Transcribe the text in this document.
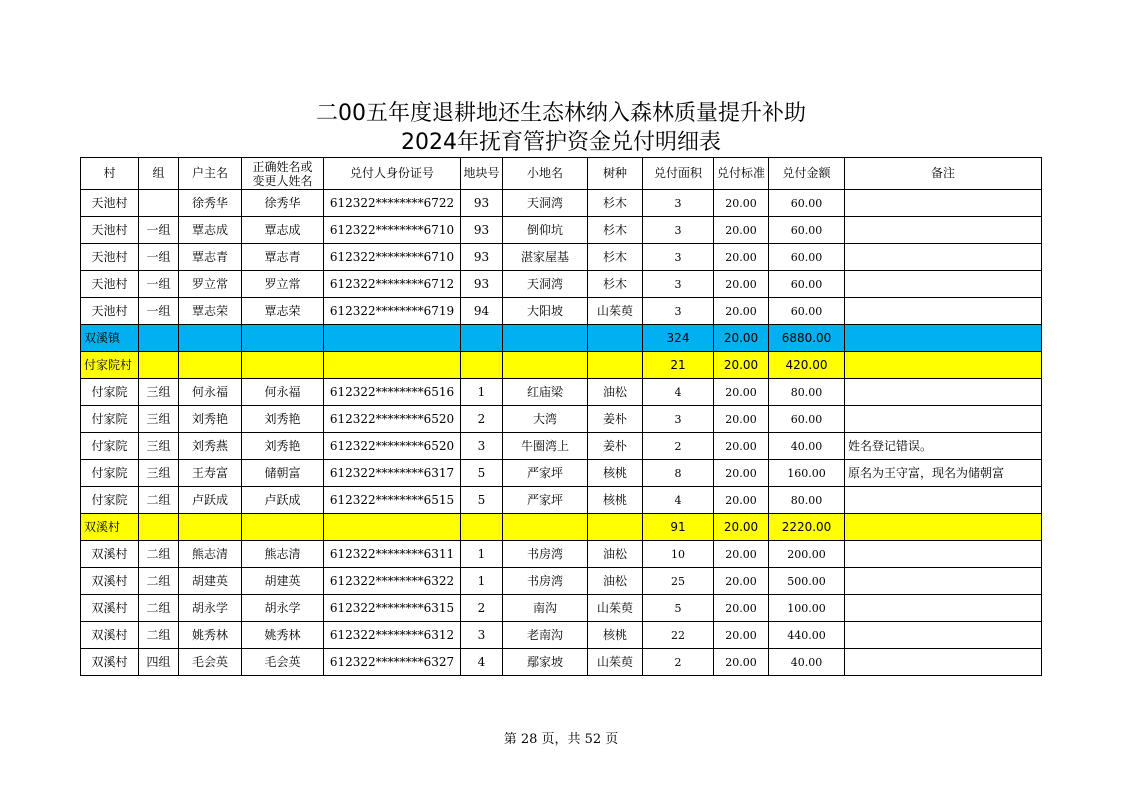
二00五年度退耕地还生态林纳入森林质量提升补助
2024年抚育管护资金兑付明细表
村	组	户主名	正确姓名或变更人姓名	兑付人身份证号	地块号	小地名	树种	兑付面积	兑付标准	兑付金额	备注
天池村		徐秀华	徐秀华	612322********6722	93	天洞湾	杉木	3	20.00	60.00	
天池村	一组	覃志成	覃志成	612322********6710	93	倒仰坑	杉木	3	20.00	60.00	
天池村	一组	覃志青	覃志青	612322********6710	93	湛家屋基	杉木	3	20.00	60.00	
天池村	一组	罗立常	罗立常	612322********6712	93	天洞湾	杉木	3	20.00	60.00	
天池村	一组	覃志荣	覃志荣	612322********6719	94	大阳坡	山茱萸	3	20.00	60.00	
双溪镇								324	20.00	6880.00	
付家院村								21	20.00	420.00	
付家院	三组	何永福	何永福	612322********6516	1	红庙梁	油松	4	20.00	80.00	
付家院	三组	刘秀艳	刘秀艳	612322********6520	2	大湾	姜朴	3	20.00	60.00	
付家院	三组	刘秀燕	刘秀艳	612322********6520	3	牛圈湾上	姜朴	2	20.00	40.00	姓名登记错误。
付家院	三组	王寿富	储朝富	612322********6317	5	严家坪	核桃	8	20.00	160.00	原名为王守富，现名为储朝富
付家院	二组	卢跃成	卢跃成	612322********6515	5	严家坪	核桃	4	20.00	80.00	
双溪村								91	20.00	2220.00	
双溪村	二组	熊志清	熊志清	612322********6311	1	书房湾	油松	10	20.00	200.00	
双溪村	二组	胡建英	胡建英	612322********6322	1	书房湾	油松	25	20.00	500.00	
双溪村	二组	胡永学	胡永学	612322********6315	2	南沟	山茱萸	5	20.00	100.00	
双溪村	二组	姚秀林	姚秀林	612322********6312	3	老南沟	核桃	22	20.00	440.00	
双溪村	四组	毛会英	毛会英	612322********6327	4	鄢家坡	山茱萸	2	20.00	40.00	
第 28 页，共 52 页
